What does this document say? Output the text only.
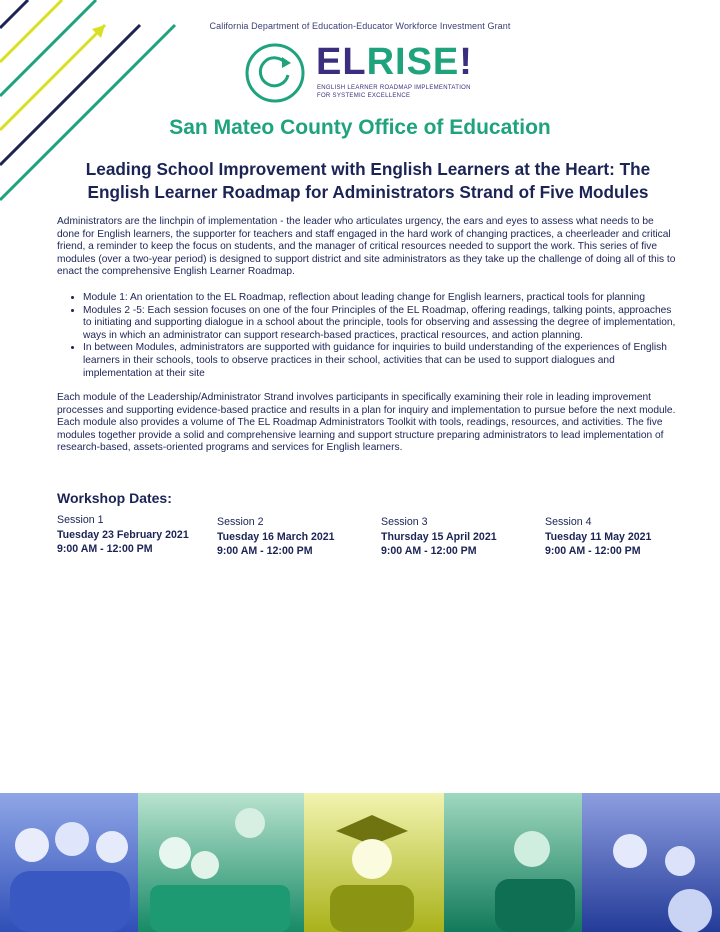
California Department of Education-Educator Workforce Investment Grant
ELRISE!
ENGLISH LEARNER ROADMAP IMPLEMENTATION
FOR SYSTEMIC EXCELLENCE
San Mateo County Office of Education
Leading School Improvement with English Learners at the Heart: The
English Learner Roadmap for Administrators Strand of Five Modules

Administrators are the linchpin of implementation - the leader who articulates urgency, the ears and eyes to assess what needs to be done for English learners, the supporter for teachers and staff engaged in the hard work of changing practices, a cheerleader and critical friend, a reminder to keep the focus on students, and the manager of critical resources needed to support the work. This series of five modules (over a two-year period) is designed to support district and site administrators as they take up the challenge of doing all of this to enact the comprehensive English Learner Roadmap.

• Module 1: An orientation to the EL Roadmap, reflection about leading change for English learners, practical tools for planning
• Modules 2 -5: Each session focuses on one of the four Principles of the EL Roadmap, offering readings, talking points, approaches to initiating and supporting dialogue in a school about the principle, tools for observing and assessing the degree of implementation, ways in which an administrator can support research-based practices, practical resources, and action planning.
• In between Modules, administrators are supported with guidance for inquiries to build understanding of the experiences of English learners in their schools, tools to observe practices in their school, activities that can be used to support dialogues and implementation at their site

Each module of the Leadership/Administrator Strand involves participants in specifically examining their role in leading improvement processes and supporting evidence-based practice and results in a plan for inquiry and implementation to pursue before the next module. Each module also provides a volume of The EL Roadmap Administrators Toolkit with tools, readings, resources, and activities. The five modules together provide a solid and comprehensive learning and support structure preparing administrators to lead implementation of research-based, assets-oriented programs and services for English learners.

Workshop Dates:
Session 1
Tuesday 23 February 2021
9:00 AM - 12:00 PM
Session 2
Tuesday 16 March 2021
9:00 AM - 12:00 PM
Session 3
Thursday 15 April 2021
9:00 AM - 12:00 PM
Session 4
Tuesday 11 May 2021
9:00 AM - 12:00 PM
